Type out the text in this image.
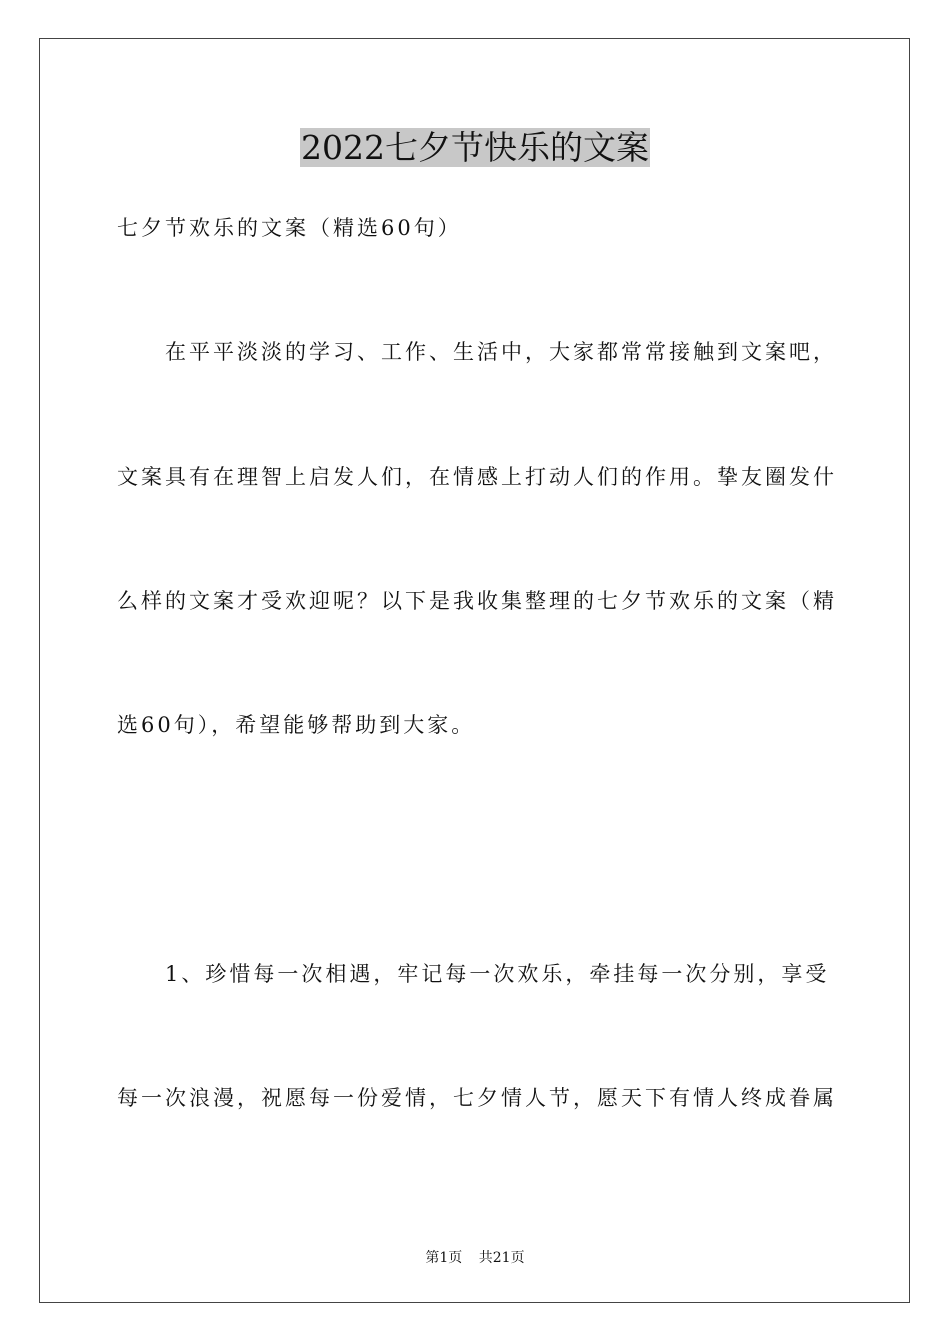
2022七夕节快乐的文案
七夕节欢乐的文案（精选60句）
在平平淡淡的学习、工作、生活中，大家都常常接触到文案吧，
文案具有在理智上启发人们，在情感上打动人们的作用。挚友圈发什
么样的文案才受欢迎呢？以下是我收集整理的七夕节欢乐的文案（精
选60句），希望能够帮助到大家。
1、珍惜每一次相遇，牢记每一次欢乐，牵挂每一次分别，享受
每一次浪漫，祝愿每一份爱情，七夕情人节，愿天下有情人终成眷属
第1页 共21页
